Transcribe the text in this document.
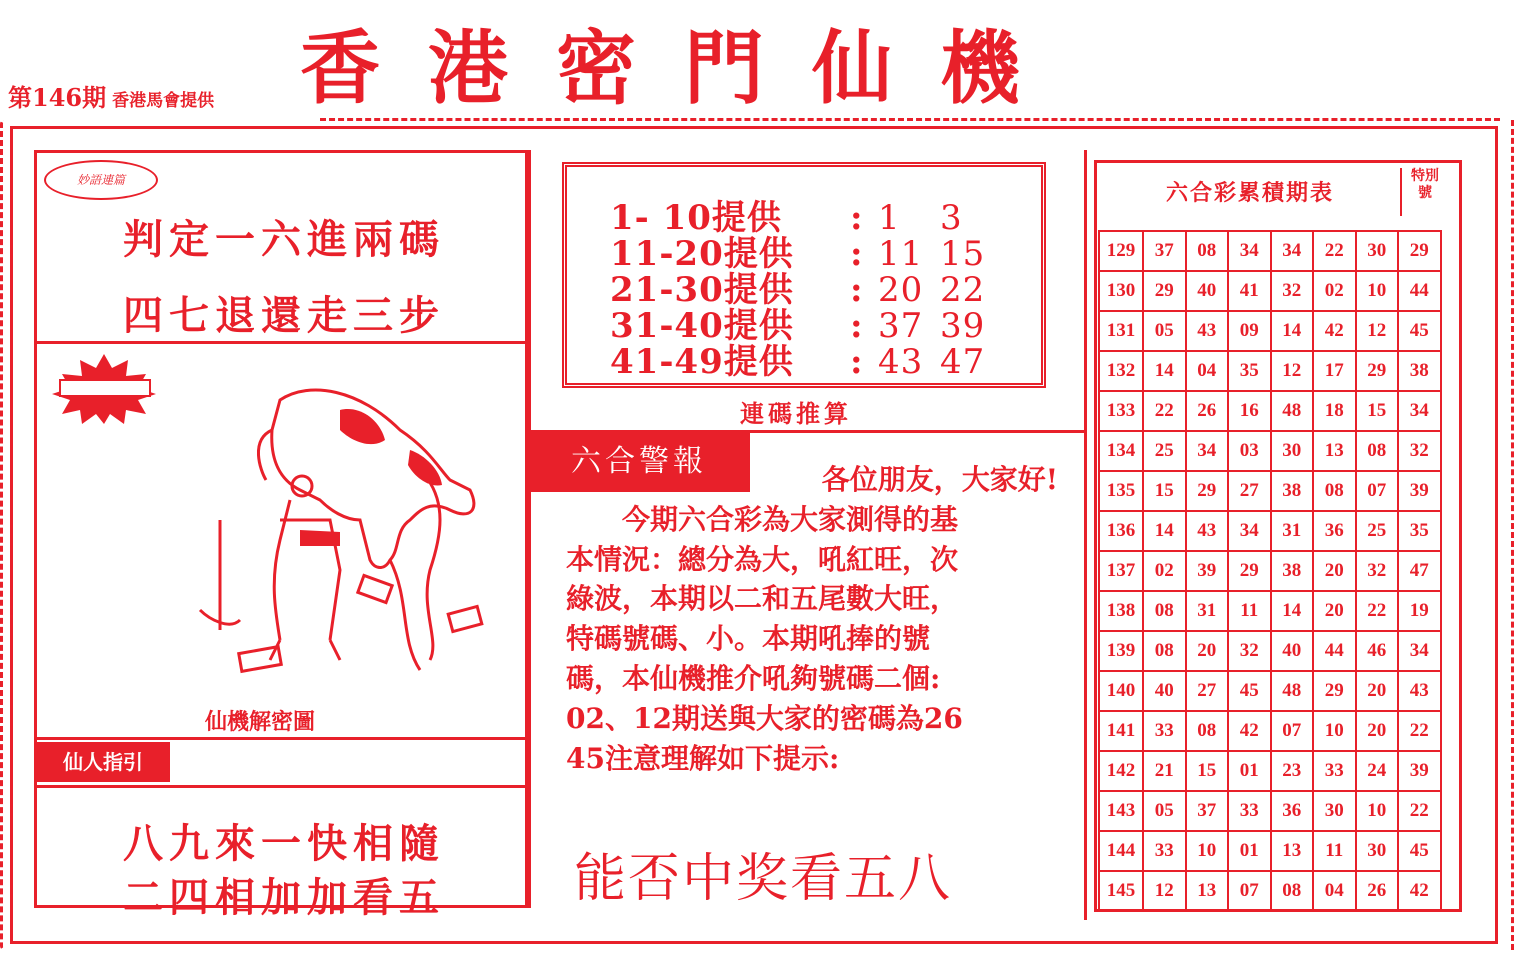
香港密門仙機
第146期 香港馬會提供
妙語連篇
判定一六進兩碼
四七退還走三步
仙機解密圖
仙人指引
八九來一快相隨
二四相加加看五
1- 10提供 : 1 3
11-20提供 : 11 15
21-30提供 : 20 22
31-40提供 : 37 39
41-49提供 : 43 47
連碼推算
六合警報

各位朋友，大家好!

　　今期六合彩為大家測得的基

本情況：總分為大，吼紅旺，次

綠波，本期以二和五尾數大旺，

特碼號碼、小。本期吼捧的號

碼，本仙機推介吼夠號碼二個:

02、12期送與大家的密碼為26

45注意理解如下提示:

能否中奖看五八
六合彩累積期表
特別號
129	37	08	34	34	22	30	29
130	29	40	41	32	02	10	44
131	05	43	09	14	42	12	45
132	14	04	35	12	17	29	38
133	22	26	16	48	18	15	34
134	25	34	03	30	13	08	32
135	15	29	27	38	08	07	39
136	14	43	34	31	36	25	35
137	02	39	29	38	20	32	47
138	08	31	11	14	20	22	19
139	08	20	32	40	44	46	34
140	40	27	45	48	29	20	43
141	33	08	42	07	10	20	22
142	21	15	01	23	33	24	39
143	05	37	33	36	30	10	22
144	33	10	01	13	11	30	45
145	12	13	07	08	04	26	42
